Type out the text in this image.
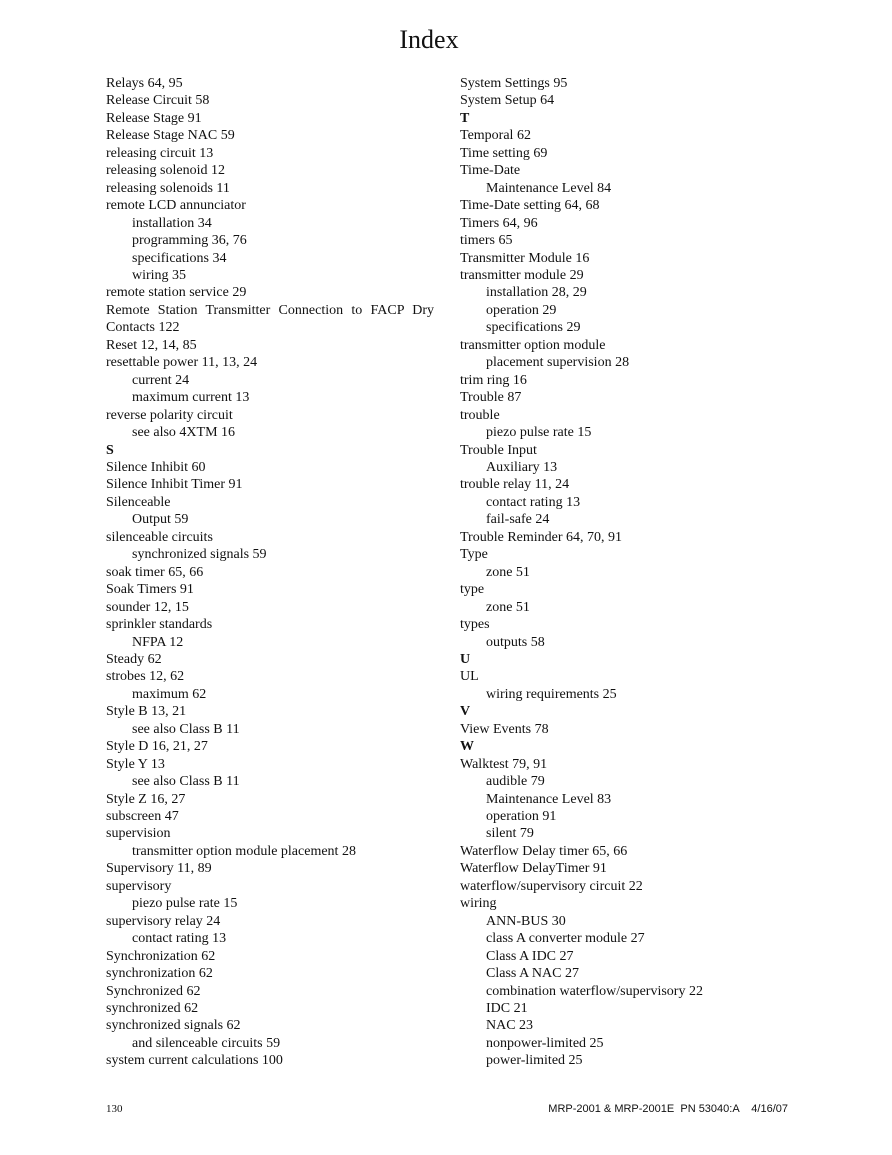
Index
Relays 64, 95
Release Circuit 58
Release Stage 91
Release Stage NAC 59
releasing circuit 13
releasing solenoid 12
releasing solenoids 11
remote LCD annunciator
installation 34
programming 36, 76
specifications 34
wiring 35
remote station service 29
Remote Station Transmitter Connection to FACP Dry
Contacts 122
Reset 12, 14, 85
resettable power 11, 13, 24
current 24
maximum current 13
reverse polarity circuit
see also 4XTM 16
S
Silence Inhibit 60
Silence Inhibit Timer 91
Silenceable
Output 59
silenceable circuits
synchronized signals 59
soak timer 65, 66
Soak Timers 91
sounder 12, 15
sprinkler standards
NFPA 12
Steady 62
strobes 12, 62
maximum 62
Style B 13, 21
see also Class B 11
Style D 16, 21, 27
Style Y 13
see also Class B 11
Style Z 16, 27
subscreen 47
supervision
transmitter option module placement 28
Supervisory 11, 89
supervisory
piezo pulse rate 15
supervisory relay 24
contact rating 13
Synchronization 62
synchronization 62
Synchronized 62
synchronized 62
synchronized signals 62
and silenceable circuits 59
system current calculations 100
System Settings 95
System Setup 64
T
Temporal 62
Time setting 69
Time-Date
Maintenance Level 84
Time-Date setting 64, 68
Timers 64, 96
timers 65
Transmitter Module 16
transmitter module 29
installation 28, 29
operation 29
specifications 29
transmitter option module
placement supervision 28
trim ring 16
Trouble 87
trouble
piezo pulse rate 15
Trouble Input
Auxiliary 13
trouble relay 11, 24
contact rating 13
fail-safe 24
Trouble Reminder 64, 70, 91
Type
zone 51
type
zone 51
types
outputs 58
U
UL
wiring requirements 25
V
View Events 78
W
Walktest 79, 91
audible 79
Maintenance Level 83
operation 91
silent 79
Waterflow Delay timer 65, 66
Waterflow DelayTimer 91
waterflow/supervisory circuit 22
wiring
ANN-BUS 30
class A converter module 27
Class A IDC 27
Class A NAC 27
combination waterflow/supervisory 22
IDC 21
NAC 23
nonpower-limited 25
power-limited 25
130	MRP-2001 & MRP-2001E  PN 53040:A    4/16/07
